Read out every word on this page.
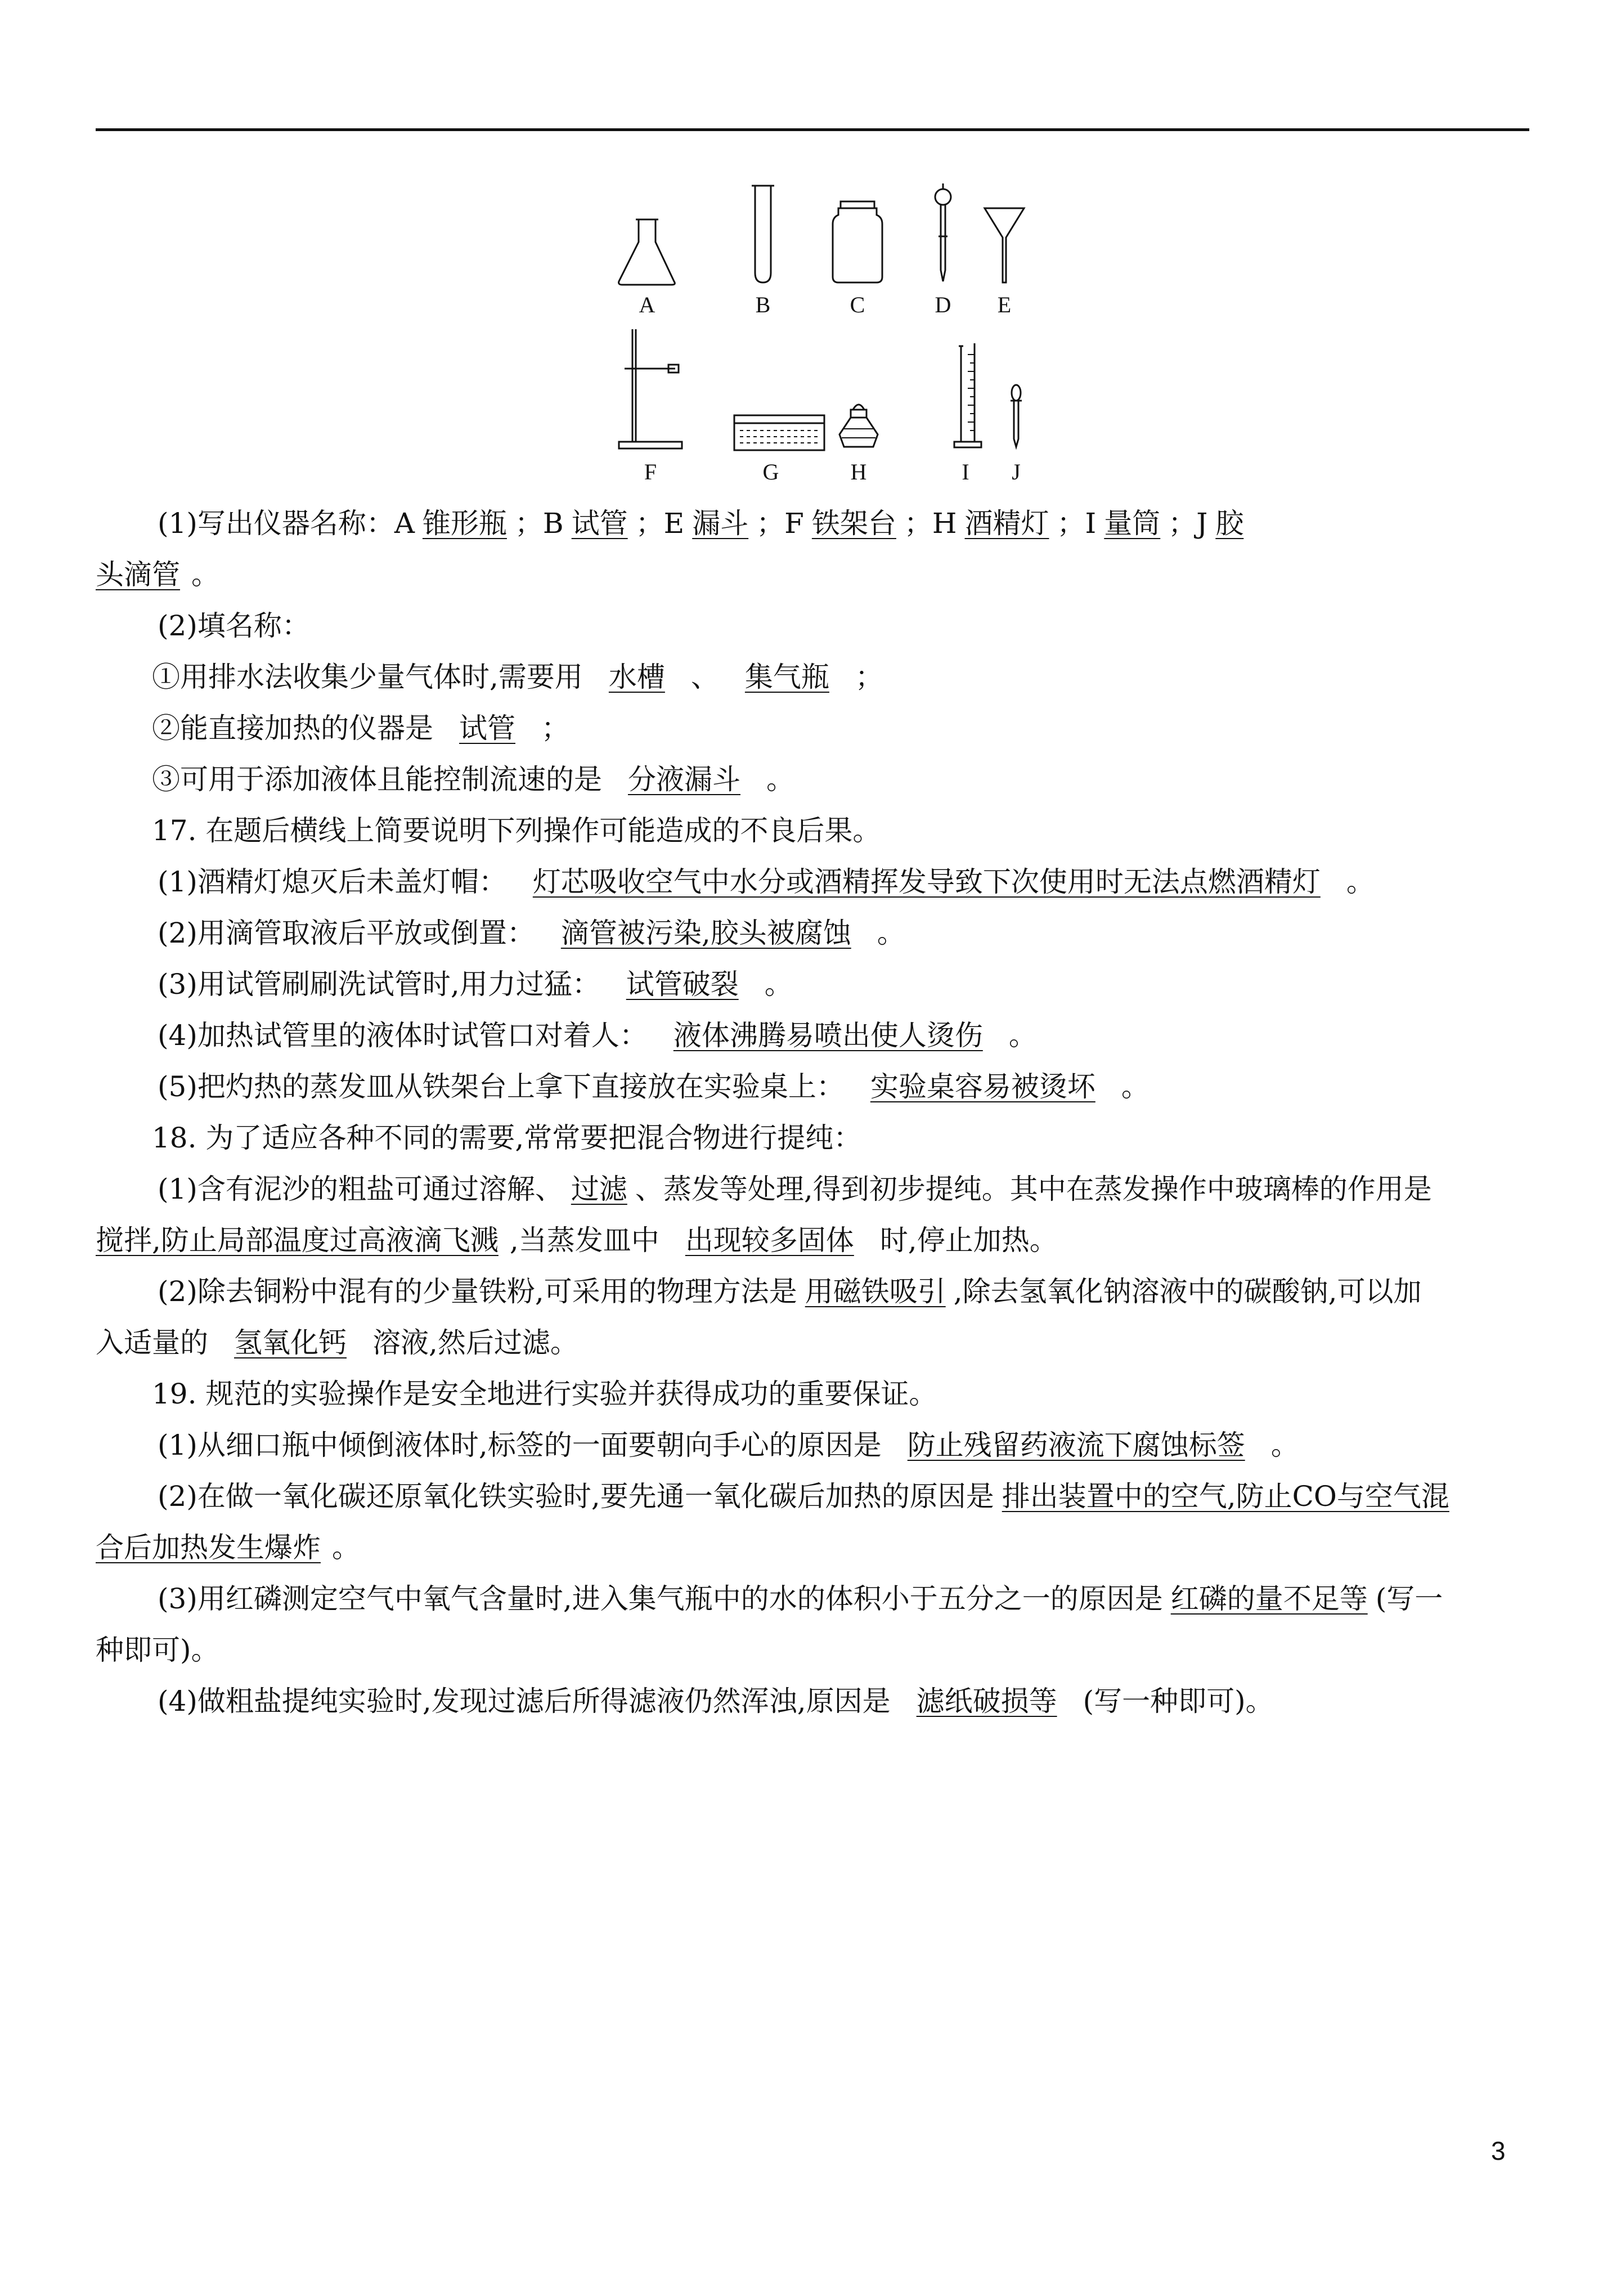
A	B	C	D	E
F	G	H	I	J
(1)写出仪器名称：A 锥形瓶 ；B 试管 ；E 漏斗 ；F 铁架台 ；H 酒精灯 ；I 量筒 ；J 胶
头滴管 。
(2)填名称：
①用排水法收集少量气体时,需要用 水槽 、 集气瓶 ；
②能直接加热的仪器是 试管 ；
③可用于添加液体且能控制流速的是 分液漏斗 。
17. 在题后横线上简要说明下列操作可能造成的不良后果。
(1)酒精灯熄灭后未盖灯帽： 灯芯吸收空气中水分或酒精挥发导致下次使用时无法点燃酒精灯 。
(2)用滴管取液后平放或倒置： 滴管被污染,胶头被腐蚀 。
(3)用试管刷刷洗试管时,用力过猛： 试管破裂 。
(4)加热试管里的液体时试管口对着人： 液体沸腾易喷出使人烫伤 。
(5)把灼热的蒸发皿从铁架台上拿下直接放在实验桌上： 实验桌容易被烫坏 。
18. 为了适应各种不同的需要,常常要把混合物进行提纯：
(1)含有泥沙的粗盐可通过溶解、 过滤 、蒸发等处理,得到初步提纯。其中在蒸发操作中玻璃棒的作用是
搅拌,防止局部温度过高液滴飞溅 ,当蒸发皿中 出现较多固体 时,停止加热。
(2)除去铜粉中混有的少量铁粉,可采用的物理方法是 用磁铁吸引 ,除去氢氧化钠溶液中的碳酸钠,可以加
入适量的 氢氧化钙 溶液,然后过滤。
19. 规范的实验操作是安全地进行实验并获得成功的重要保证。
(1)从细口瓶中倾倒液体时,标签的一面要朝向手心的原因是 防止残留药液流下腐蚀标签 。
(2)在做一氧化碳还原氧化铁实验时,要先通一氧化碳后加热的原因是 排出装置中的空气,防止CO与空气混
合后加热发生爆炸 。
(3)用红磷测定空气中氧气含量时,进入集气瓶中的水的体积小于五分之一的原因是 红磷的量不足等 (写一
种即可)。
(4)做粗盐提纯实验时,发现过滤后所得滤液仍然浑浊,原因是 滤纸破损等 (写一种即可)。
3
